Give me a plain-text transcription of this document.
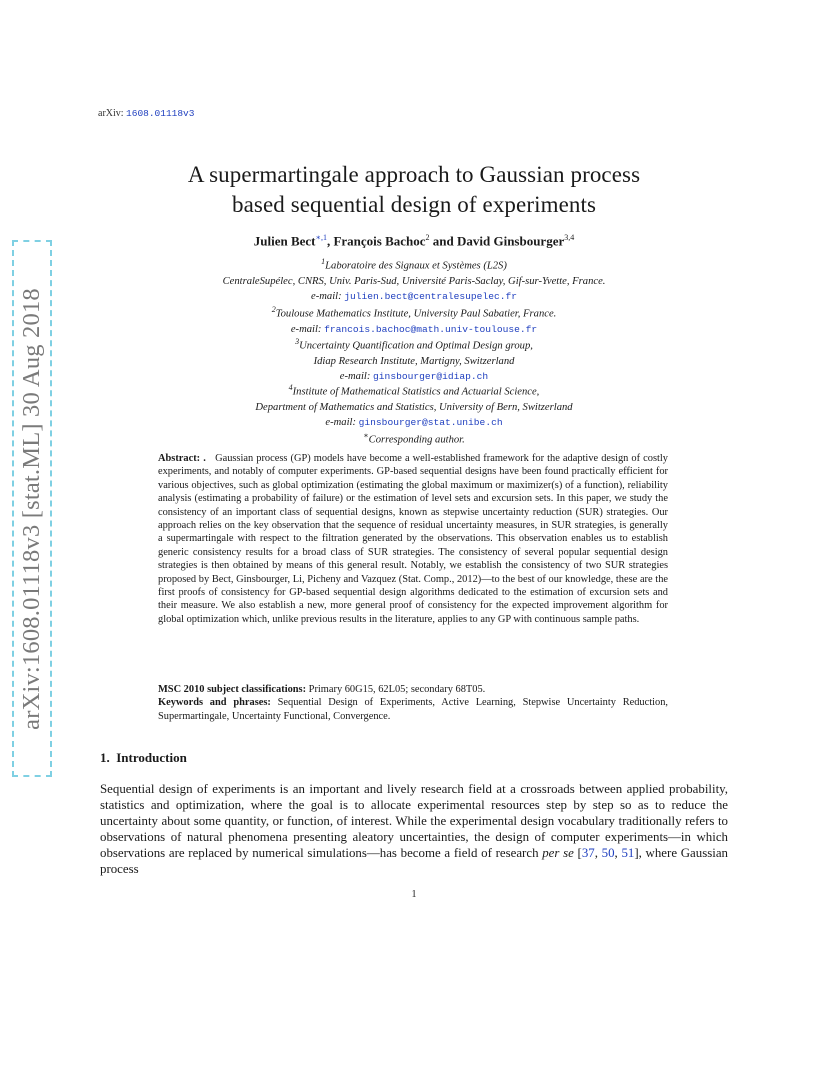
arXiv: 1608.01118v3
arXiv:1608.01118v3 [stat.ML] 30 Aug 2018
A supermartingale approach to Gaussian process
based sequential design of experiments
Julien Bect$^{∗,1}$, François Bachoc$^2$ and David Ginsbourger$^{3,4}$
$^1$Laboratoire des Signaux et Systèmes (L2S)
CentraleSupélec, CNRS, Univ. Paris-Sud, Université Paris-Saclay, Gif-sur-Yvette, France.
e-mail: julien.bect@centralesupelec.fr
$^2$Toulouse Mathematics Institute, University Paul Sabatier, France.
e-mail: francois.bachoc@math.univ-toulouse.fr
$^3$Uncertainty Quantification and Optimal Design group,
Idiap Research Institute, Martigny, Switzerland
e-mail: ginsbourger@idiap.ch
$^4$Institute of Mathematical Statistics and Actuarial Science,
Department of Mathematics and Statistics, University of Bern, Switzerland
e-mail: ginsbourger@stat.unibe.ch
∗Corresponding author.
Abstract: . Gaussian process (GP) models have become a well-established framework for the adaptive design of costly experiments, and notably of computer experiments. GP-based sequential designs have been found practically efficient for various objectives, such as global optimization (estimating the global maximum or maximizer(s) of a function), reliability analysis (estimating a probability of failure) or the estimation of level sets and excursion sets. In this paper, we study the consistency of an important class of sequential designs, known as stepwise uncertainty reduction (SUR) strategies. Our approach relies on the key observation that the sequence of residual uncertainty measures, in SUR strategies, is generally a supermartingale with respect to the filtration generated by the observations. This observation enables us to establish generic consistency results for a broad class of SUR strategies. The consistency of several popular sequential design strategies is then obtained by means of this general result. Notably, we establish the consistency of two SUR strategies proposed by Bect, Ginsbourger, Li, Picheny and Vazquez (Stat. Comp., 2012)—to the best of our knowledge, these are the first proofs of consistency for GP-based sequential design algorithms dedicated to the estimation of excursion sets and their measure. We also establish a new, more general proof of consistency for the expected improvement algorithm for global optimization which, unlike previous results in the literature, applies to any GP with continuous sample paths.
MSC 2010 subject classifications: Primary 60G15, 62L05; secondary 68T05.
Keywords and phrases: Sequential Design of Experiments, Active Learning, Stepwise Uncertainty Reduction, Supermartingale, Uncertainty Functional, Convergence.
1. Introduction
Sequential design of experiments is an important and lively research field at a crossroads between applied probability, statistics and optimization, where the goal is to allocate experimental resources step by step so as to reduce the uncertainty about some quantity, or function, of interest. While the experimental design vocabulary traditionally refers to observations of natural phenomena presenting aleatory uncertainties, the design of computer experiments—in which observations are replaced by numerical simulations—has become a field of research per se [37, 50, 51], where Gaussian process
1
